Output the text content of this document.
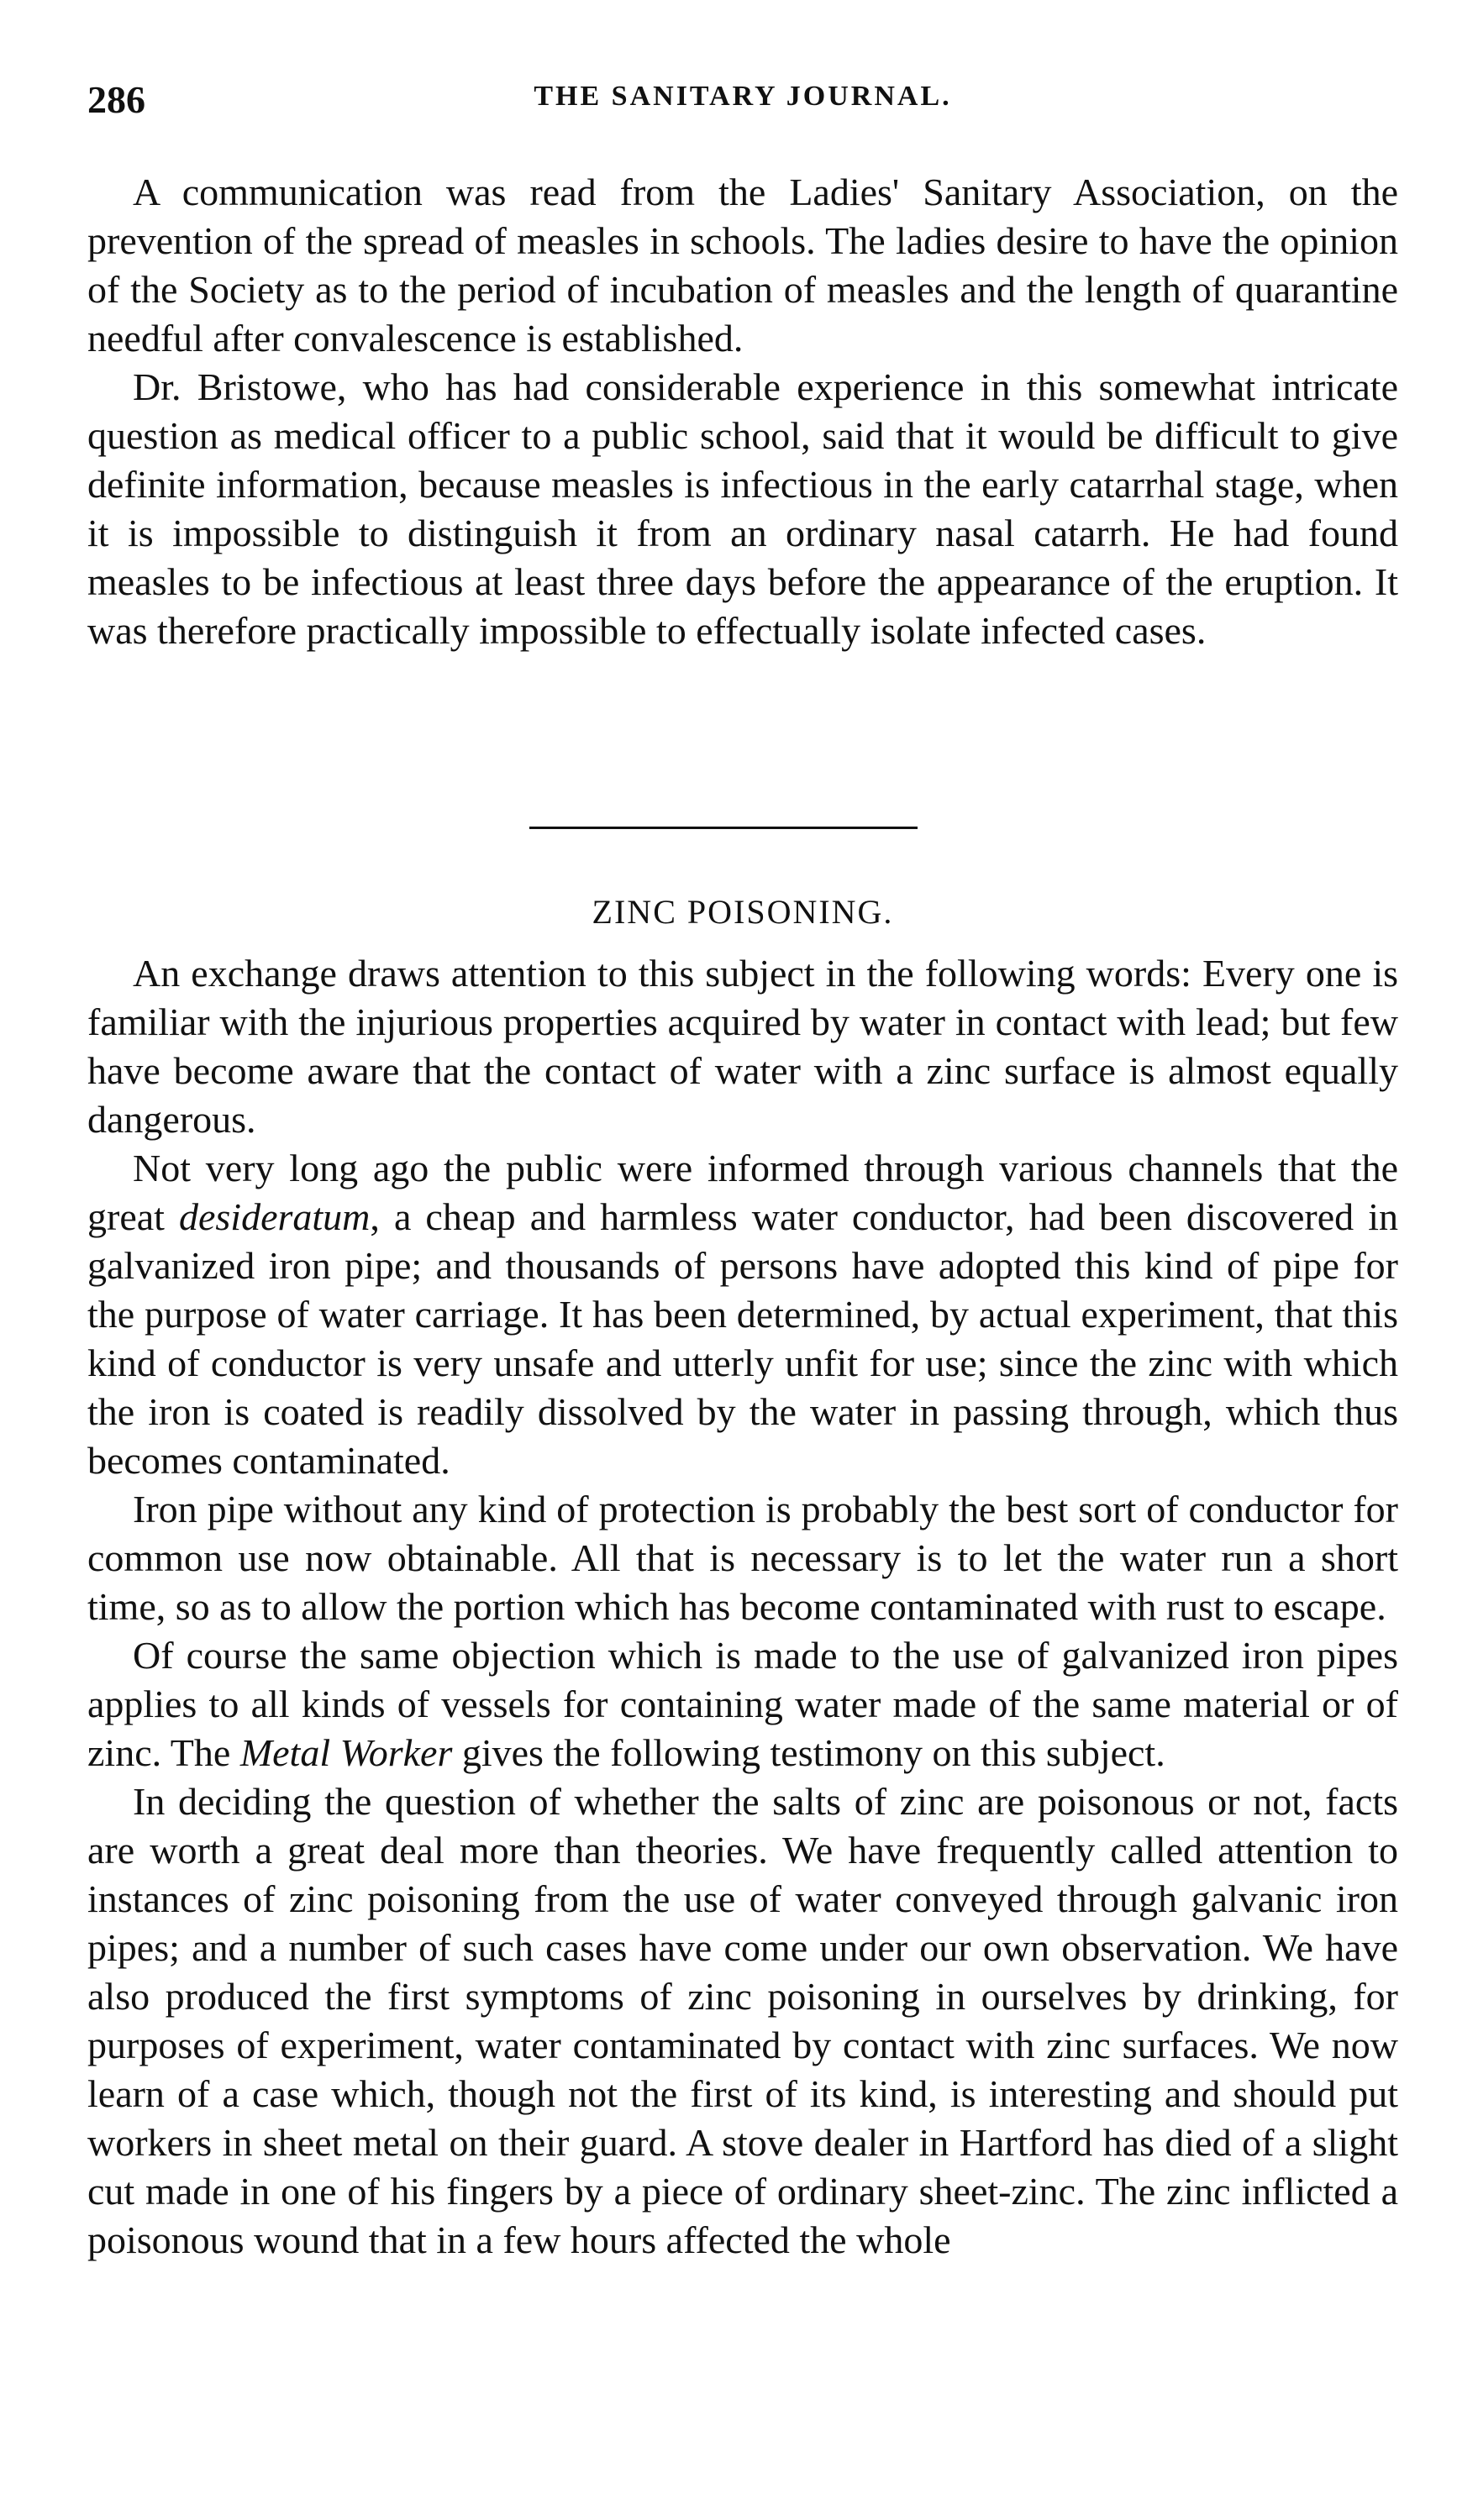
286	THE SANITARY JOURNAL.

A communication was read from the Ladies' Sanitary Association, on the prevention of the spread of measles in schools. The ladies desire to have the opinion of the Society as to the period of incubation of measles and the length of quarantine needful after convalescence is established.

Dr. Bristowe, who has had considerable experience in this somewhat intricate question as medical officer to a public school, said that it would be difficult to give definite information, because measles is infectious in the early catarrhal stage, when it is impossible to distinguish it from an ordinary nasal catarrh. He had found measles to be infectious at least three days before the appearance of the eruption. It was therefore practically impossible to effectually isolate infected cases.

ZINC POISONING.

An exchange draws attention to this subject in the following words: Every one is familiar with the injurious properties acquired by water in contact with lead; but few have become aware that the contact of water with a zinc surface is almost equally dangerous.

Not very long ago the public were informed through various channels that the great desideratum, a cheap and harmless water conductor, had been discovered in galvanized iron pipe; and thousands of persons have adopted this kind of pipe for the purpose of water carriage. It has been determined, by actual experiment, that this kind of conductor is very unsafe and utterly unfit for use; since the zinc with which the iron is coated is readily dissolved by the water in passing through, which thus becomes contaminated.

Iron pipe without any kind of protection is probably the best sort of conductor for common use now obtainable. All that is necessary is to let the water run a short time, so as to allow the portion which has become contaminated with rust to escape.

Of course the same objection which is made to the use of galvanized iron pipes applies to all kinds of vessels for containing water made of the same material or of zinc. The Metal Worker gives the following testimony on this subject.

In deciding the question of whether the salts of zinc are poisonous or not, facts are worth a great deal more than theories. We have frequently called attention to instances of zinc poisoning from the use of water conveyed through galvanic iron pipes; and a number of such cases have come under our own observation. We have also produced the first symptoms of zinc poisoning in ourselves by drinking, for purposes of experiment, water contaminated by contact with zinc surfaces. We now learn of a case which, though not the first of its kind, is interesting and should put workers in sheet metal on their guard. A stove dealer in Hartford has died of a slight cut made in one of his fingers by a piece of ordinary sheet-zinc. The zinc inflicted a poisonous wound that in a few hours affected the whole
